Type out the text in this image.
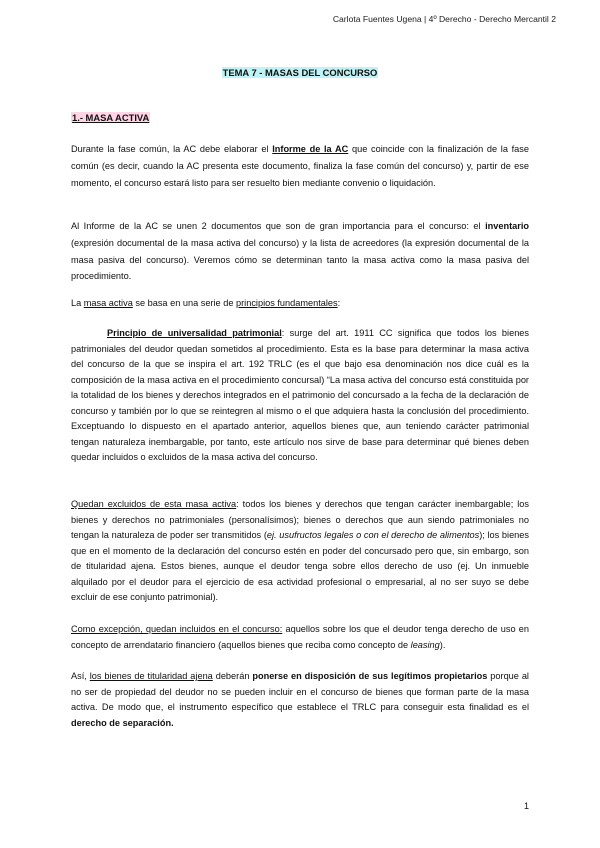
Carlota Fuentes Ugena | 4º Derecho - Derecho Mercantil 2
TEMA 7 - MASAS DEL CONCURSO
1.- MASA ACTIVA

Durante la fase común, la AC debe elaborar el Informe de la AC que coincide con la finalización de la fase común (es decir, cuando la AC presenta este documento, finaliza la fase común del concurso) y, partir de ese momento, el concurso estará listo para ser resuelto bien mediante convenio o liquidación.

Al Informe de la AC se unen 2 documentos que son de gran importancia para el concurso: el inventario (expresión documental de la masa activa del concurso) y la lista de acreedores (la expresión documental de la masa pasiva del concurso). Veremos cómo se determinan tanto la masa activa como la masa pasiva del procedimiento.

La masa activa se basa en una serie de principios fundamentales:

Principio de universalidad patrimonial: surge del art. 1911 CC significa que todos los bienes patrimoniales del deudor quedan sometidos al procedimiento. Esta es la base para determinar la masa activa del concurso de la que se inspira el art. 192 TRLC (es el que bajo esa denominación nos dice cuál es la composición de la masa activa en el procedimiento concursal) “La masa activa del concurso está constituida por la totalidad de los bienes y derechos integrados en el patrimonio del concursado a la fecha de la declaración de concurso y también por lo que se reintegren al mismo o el que adquiera hasta la conclusión del procedimiento. Exceptuando lo dispuesto en el apartado anterior, aquellos bienes que, aun teniendo carácter patrimonial tengan naturaleza inembargable, por tanto, este artículo nos sirve de base para determinar qué bienes deben quedar incluidos o excluidos de la masa activa del concurso.

Quedan excluidos de esta masa activa: todos los bienes y derechos que tengan carácter inembargable; los bienes y derechos no patrimoniales (personalísimos); bienes o derechos que aun siendo patrimoniales no tengan la naturaleza de poder ser transmitidos (ej. usufructos legales o con el derecho de alimentos); los bienes que en el momento de la declaración del concurso estén en poder del concursado pero que, sin embargo, son de titularidad ajena. Estos bienes, aunque el deudor tenga sobre ellos derecho de uso (ej. Un inmueble alquilado por el deudor para el ejercicio de esa actividad profesional o empresarial, al no ser suyo se debe excluir de ese conjunto patrimonial).

Como excepción, quedan incluidos en el concurso: aquellos sobre los que el deudor tenga derecho de uso en concepto de arrendatario financiero (aquellos bienes que reciba como concepto de leasing).

Así, los bienes de titularidad ajena deberán ponerse en disposición de sus legítimos propietarios porque al no ser de propiedad del deudor no se pueden incluir en el concurso de bienes que forman parte de la masa activa. De modo que, el instrumento específico que establece el TRLC para conseguir esta finalidad es el derecho de separación.

1
